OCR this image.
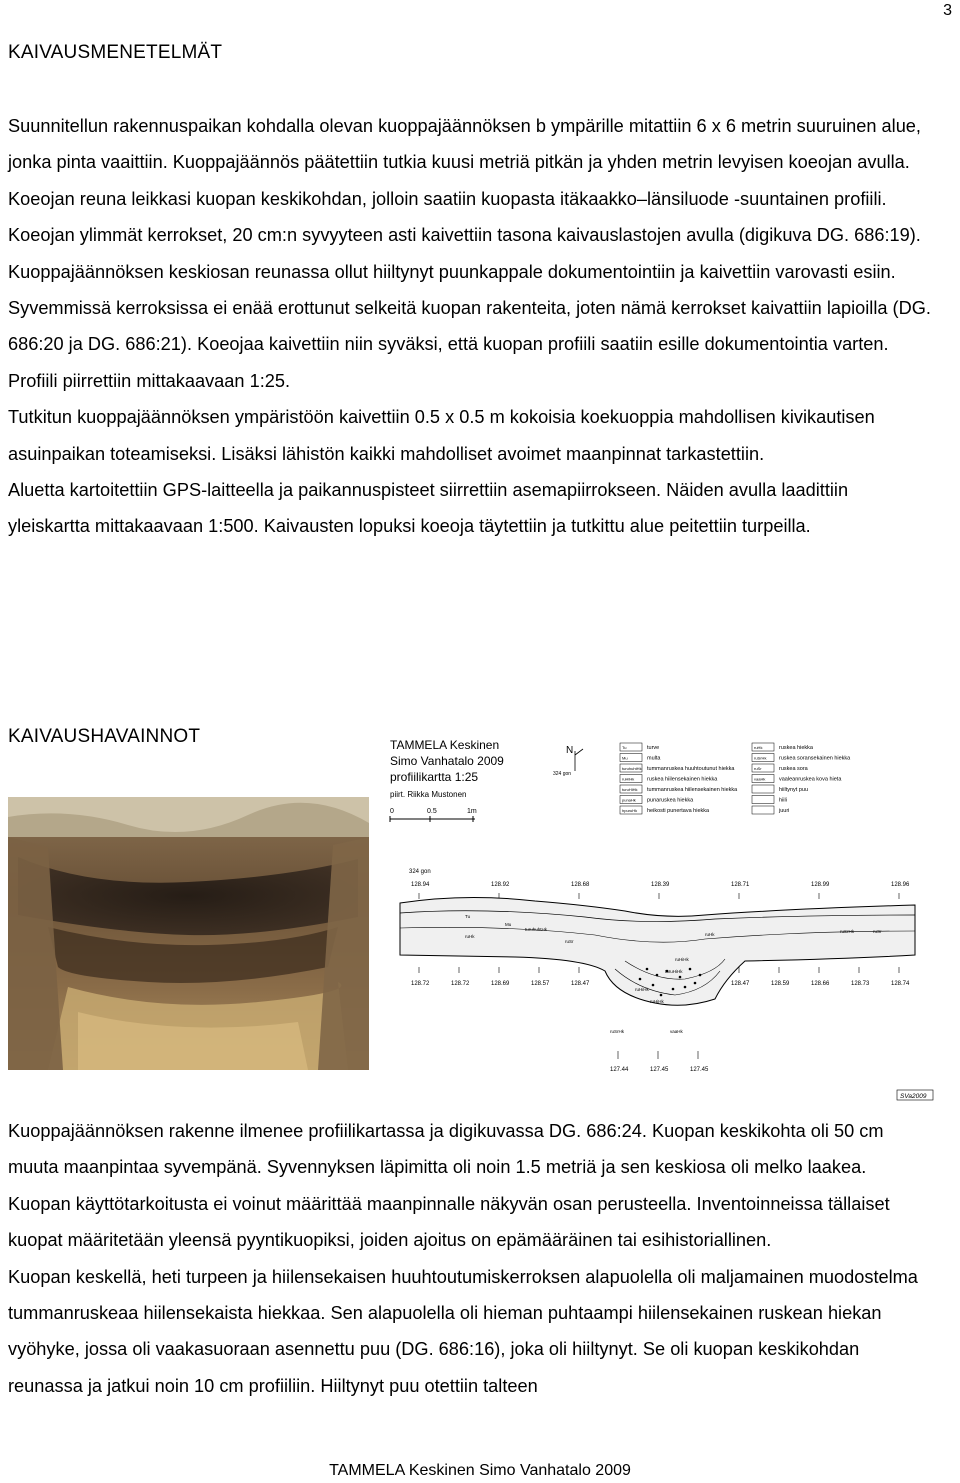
3
KAIVAUSMENETELMÄT

Suunnitellun rakennuspaikan kohdalla olevan kuoppajäännöksen b ympärille mitattiin 6 x 6 metrin suuruinen alue, jonka pinta vaaittiin. Kuoppajäännös päätettiin tutkia kuusi metriä pitkän ja yhden metrin levyisen koeojan avulla. Koeojan reuna leikkasi kuopan keskikohdan, jolloin saatiin kuopasta itäkaakko–länsiluode -suuntainen profiili. Koeojan ylimmät kerrokset, 20 cm:n syvyyteen asti kaivettiin tasona kaivauslastojen avulla (digikuva DG. 686:19). Kuoppajäännöksen keskiosan reunassa ollut hiiltynyt puunkappale dokumentointiin ja kaivettiin varovasti esiin. Syvemmissä kerroksissa ei enää erottunut selkeitä kuopan rakenteita, joten nämä kerrokset kaivattiin lapioilla (DG. 686:20 ja DG. 686:21). Koeojaa kaivettiin niin syväksi, että kuopan profiili saatiin esille dokumentointia varten. Profiili piirrettiin mittakaavaan 1:25.

Tutkitun kuoppajäännöksen ympäristöön kaivettiin 0.5 x 0.5 m kokoisia koekuoppia mahdollisen kivikautisen asuinpaikan toteamiseksi. Lisäksi lähistön kaikki mahdolliset avoimet maanpinnat tarkastettiin.

Aluetta kartoitettiin GPS-laitteella ja paikannuspisteet siirrettiin asemapiirrokseen. Näiden avulla laadittiin yleiskartta mittakaavaan 1:500. Kaivausten lopuksi koeoja täytettiin ja tutkittu alue peitettiin turpeilla.

KAIVAUSHAVAINNOT	TAMMELA Keskinen
Simo Vanhatalo 2009
profiilikartta 1:25
piirt. Riikka Mustonen
0	0.5	1m
N
324 gon
Tu	turve
Mu	multa
turuhuhtHk tummanruskea huuhtoutunut hiekka
ruHiHk ruskea hiilensekainen hiekka
turuHiHk tummanruskea hiilensekainen hiekka
punaHk punaruskea hiekka
hpuruHk heikosti punertava hiekka
ruHk	ruskea hiekka
ruSrHk ruskea soransekainen hiekka
ruSr	ruskea sora
vaaHk vaaleanruskea kova hieta
hiiltynyt puu
hiili
juuri
324 gon
128.94	128.92	128.68	128.39	128.71	128.99	128.96
Tu
Mu
turuhuhtHk
ruHk
ruSr
ruHk
ruSrHk	ruSr
turuHiHk
ruHiHk
ruHiHk
ruHiHk
ruSrHk	vaaHk
128.72	128.72	128.69	128.57	128.47	128.47	128.59	128.66	128.73	128.74
127.44	127.45	127.45
SVa2009

Kuoppajäännöksen rakenne ilmenee profiilikartassa ja digikuvassa DG. 686:24. Kuopan keskikohta oli 50 cm muuta maanpintaa syvempänä. Syvennyksen läpimitta oli noin 1.5 metriä ja sen keskiosa oli melko laakea. Kuopan käyttötarkoitusta ei voinut määrittää maanpinnalle näkyvän osan perusteella. Inventoinneissa tällaiset kuopat määritetään yleensä pyyntikuopiksi, joiden ajoitus on epämääräinen tai esihistoriallinen.

Kuopan keskellä, heti turpeen ja hiilensekaisen huuhtoutumiskerroksen alapuolella oli maljamainen muodostelma tummanruskeaa hiilensekaista hiekkaa. Sen alapuolella oli hieman puhtaampi hiilensekainen ruskean hiekan vyöhyke, jossa oli vaakasuoraan asennettu puu (DG. 686:16), joka oli hiiltynyt. Se oli kuopan keskikohdan reunassa ja jatkui noin 10 cm profiiliin. Hiiltynyt puu otettiin talteen

TAMMELA Keskinen Simo Vanhatalo 2009
